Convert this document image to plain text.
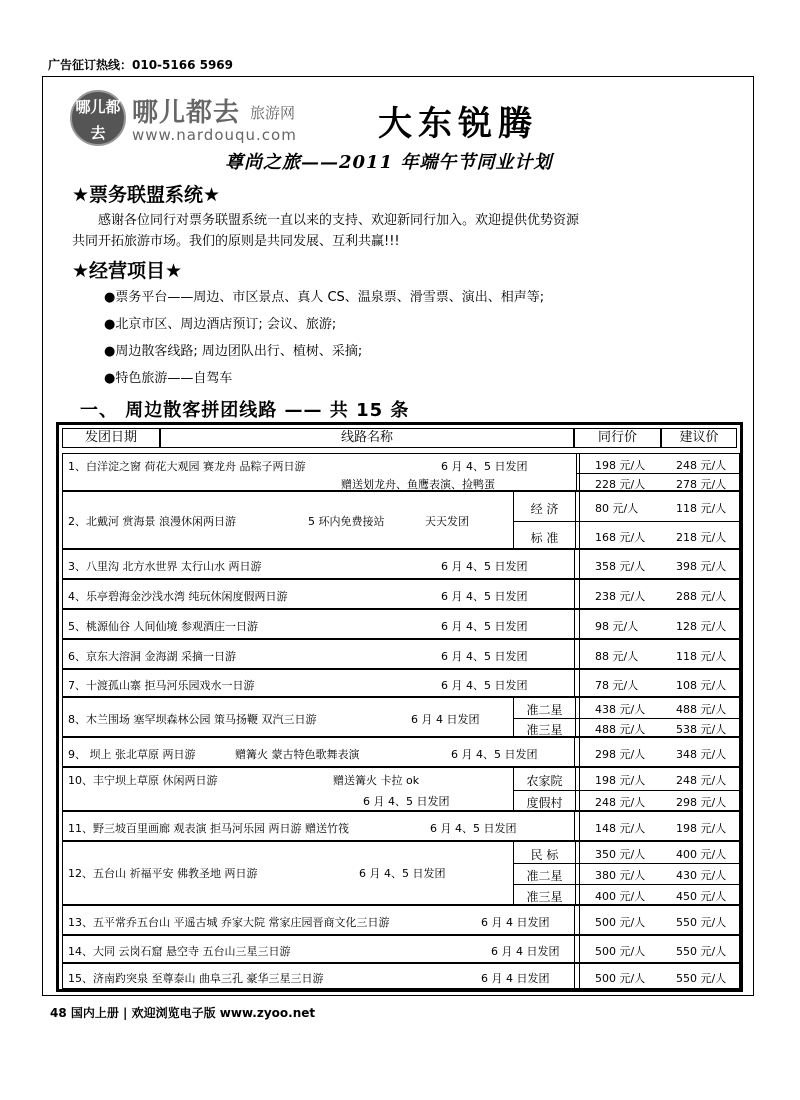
广告征订热线：010-5166 5969
哪儿都去
哪儿都去 旅游网
www.nardouqu.com 大东锐腾
尊尚之旅——2011 年端午节同业计划
★票务联盟系统★
感谢各位同行对票务联盟系统一直以来的支持、欢迎新同行加入。欢迎提供优势资源
共同开拓旅游市场。我们的原则是共同发展、互利共赢!!!
★经营项目★
●票务平台——周边、市区景点、真人 CS、温泉票、滑雪票、演出、相声等;
●北京市区、周边酒店预订; 会议、旅游;
●周边散客线路; 周边团队出行、植树、采摘;
●特色旅游——自驾车
一、 周边散客拼团线路 —— 共 15 条
发团日期	线路名称	同行价	建议价
1、白洋淀之窗 荷花大观园 赛龙舟 品粽子两日游	6 月 4、5 日发团
赠送划龙舟、鱼鹰表演、捡鸭蛋
198 元/人	248 元/人
228 元/人	278 元/人
2、北戴河 赏海景 浪漫休闲两日游	5 环内免费接站	天天发团
经 济	80 元/人	118 元/人
标 准	168 元/人	218 元/人
3、八里沟 北方水世界 太行山水 两日游	6 月 4、5 日发团	358 元/人	398 元/人
4、乐亭碧海金沙浅水湾 纯玩休闲度假两日游	6 月 4、5 日发团	238 元/人	288 元/人
5、桃源仙谷 人间仙境 参观酒庄一日游	6 月 4、5 日发团	98 元/人	128 元/人
6、京东大溶洞 金海湖 采摘一日游	6 月 4、5 日发团	88 元/人	118 元/人
7、十渡孤山寨 拒马河乐园戏水一日游	6 月 4、5 日发团	78 元/人	108 元/人
8、木兰围场 塞罕坝森林公园 策马扬鞭 双汽三日游	6 月 4 日发团
准二星	438 元/人	488 元/人
准三星	488 元/人	538 元/人
9、 坝上 张北草原 两日游	赠篝火 蒙古特色歌舞表演	6 月 4、5 日发团	298 元/人	348 元/人
10、丰宁坝上草原 休闲两日游	赠送篝火 卡拉 ok
6 月 4、5 日发团
农家院	198 元/人	248 元/人
度假村	248 元/人	298 元/人
11、野三坡百里画廊 观表演 拒马河乐园 两日游 赠送竹筏	6 月 4、5 日发团	148 元/人	198 元/人
12、五台山 祈福平安 佛教圣地 两日游	6 月 4、5 日发团
民 标	350 元/人	400 元/人
准二星	380 元/人	430 元/人
准三星	400 元/人	450 元/人
13、五平常乔五台山 平遥古城 乔家大院 常家庄园晋商文化三日游	6 月 4 日发团	500 元/人	550 元/人
14、大同 云岗石窟 悬空寺 五台山三星三日游	6 月 4 日发团	500 元/人	550 元/人
15、济南趵突泉 至尊泰山 曲阜三孔 豪华三星三日游	6 月 4 日发团	500 元/人	550 元/人
48 国内上册 | 欢迎浏览电子版 www.zyoo.net
